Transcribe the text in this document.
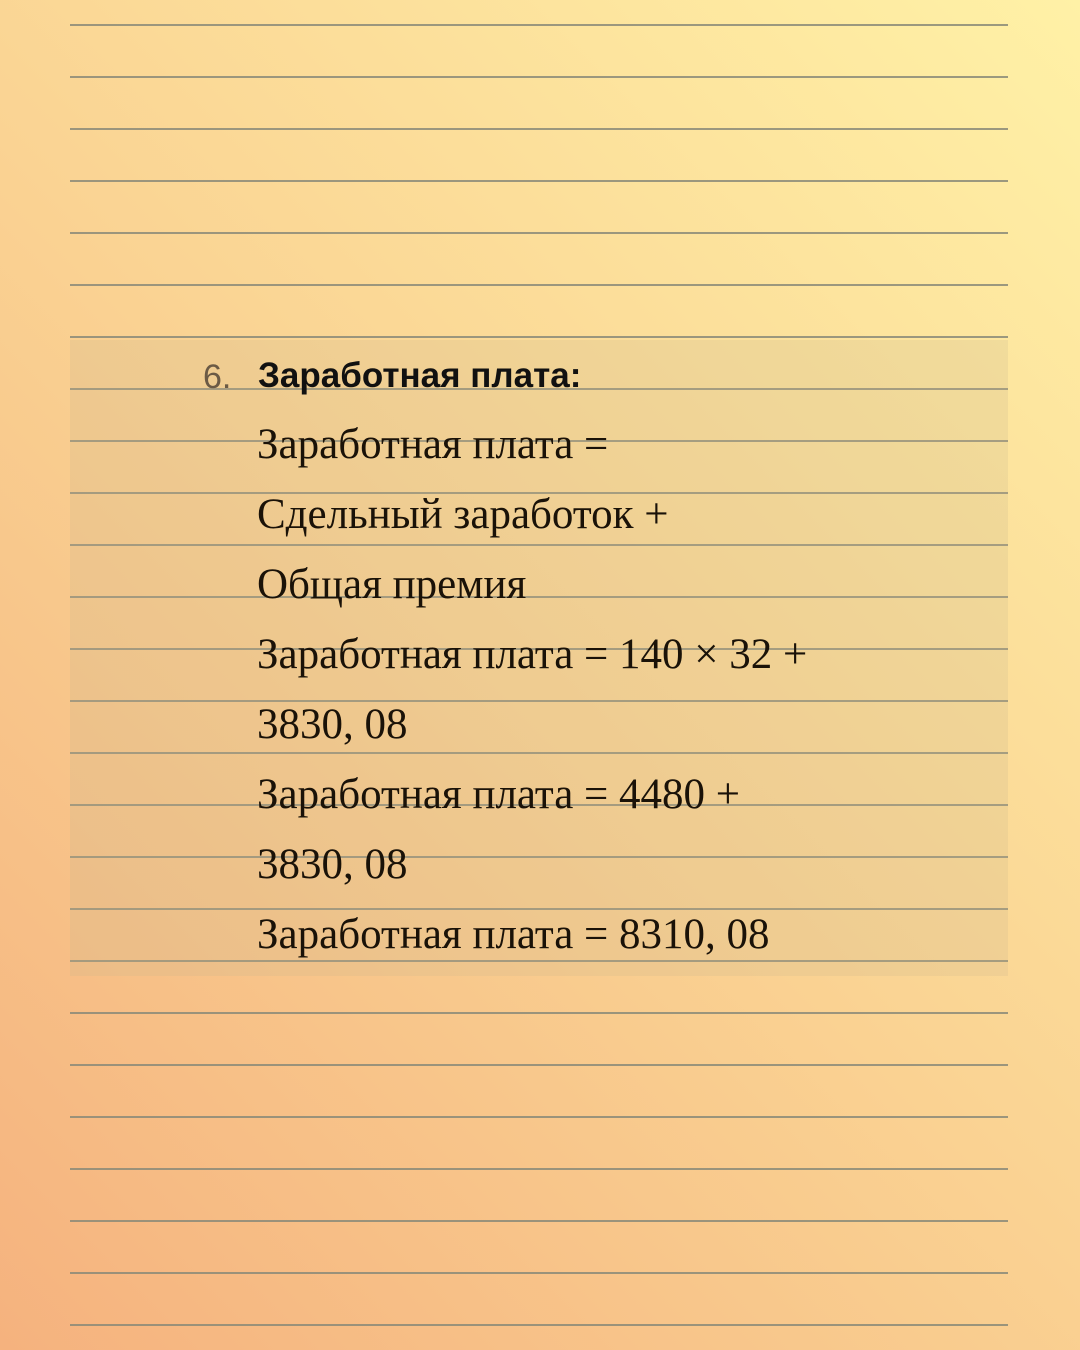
6. Заработная плата:
Заработная плата =
Сдельный заработок +
Общая премия
Заработная плата = 140 × 32 +
3830, 08
Заработная плата = 4480 +
3830, 08
Заработная плата = 8310, 08
